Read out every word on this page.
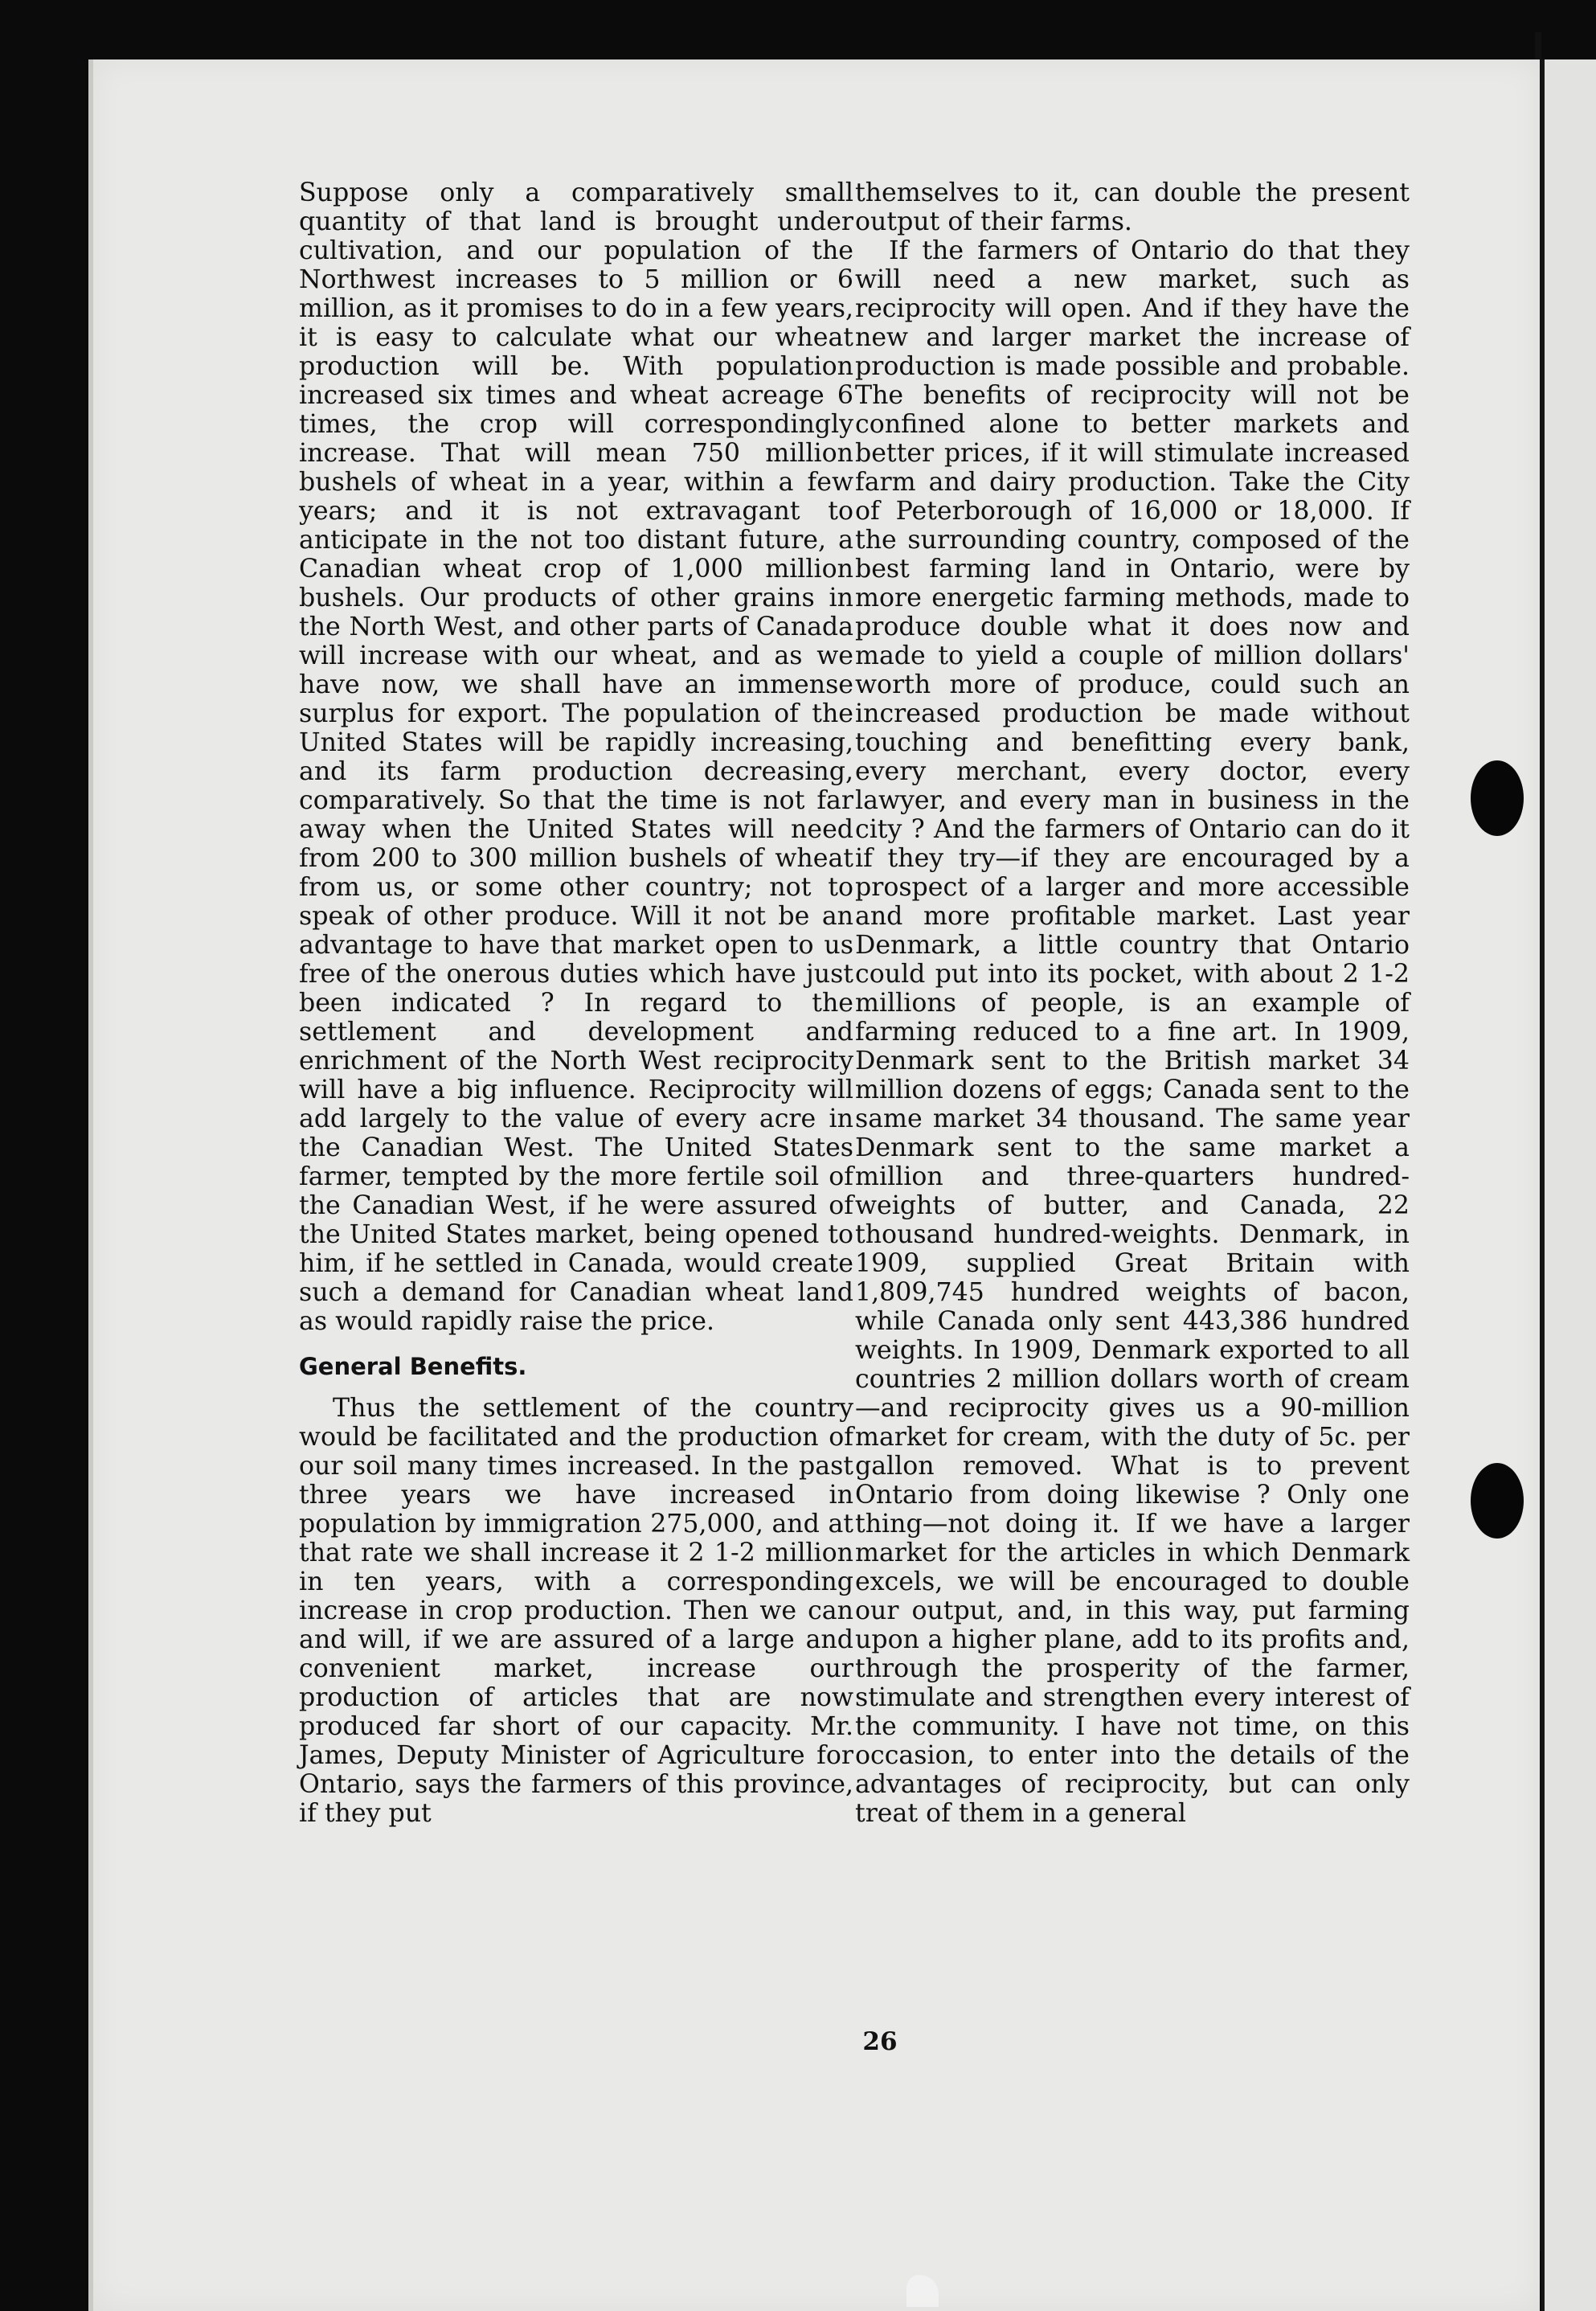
Suppose only a comparatively small quantity of that land is brought under cultivation, and our population of the Northwest increases to 5 million or 6 million, as it promises to do in a few years, it is easy to calculate what our wheat production will be. With population increased six times and wheat acreage 6 times, the crop will correspondingly increase. That will mean 750 million bushels of wheat in a year, within a few years; and it is not extravagant to anticipate in the not too distant future, a Canadian wheat crop of 1,000 million bushels. Our products of other grains in the North West, and other parts of Canada will increase with our wheat, and as we have now, we shall have an immense surplus for export. The population of the United States will be rapidly increasing, and its farm production decreasing, comparatively. So that the time is not far away when the United States will need from 200 to 300 million bushels of wheat from us, or some other country; not to speak of other produce. Will it not be an advantage to have that market open to us free of the onerous duties which have just been indicated ? In regard to the settlement and development and enrichment of the North West reciprocity will have a big influence. Reciprocity will add largely to the value of every acre in the Canadian West. The United States farmer, tempted by the more fertile soil of the Canadian West, if he were assured of the United States market, being opened to him, if he settled in Canada, would create such a demand for Canadian wheat land as would rapidly raise the price.

General Benefits.

Thus the settlement of the country would be facilitated and the production of our soil many times increased. In the past three years we have increased in population by immigration 275,000, and at that rate we shall increase it 2 1-2 million in ten years, with a corresponding increase in crop production. Then we can and will, if we are assured of a large and convenient market, increase our production of articles that are now produced far short of our capacity. Mr. James, Deputy Minister of Agriculture for Ontario, says the farmers of this province, if they put

themselves to it, can double the present output of their farms.

If the farmers of Ontario do that they will need a new market, such as reciprocity will open. And if they have the new and larger market the increase of production is made possible and probable. The benefits of reciprocity will not be confined alone to better markets and better prices, if it will stimulate increased farm and dairy production. Take the City of Peterborough of 16,000 or 18,000. If the surrounding country, composed of the best farming land in Ontario, were by more energetic farming methods, made to produce double what it does now and made to yield a couple of million dollars' worth more of produce, could such an increased production be made without touching and benefitting every bank, every merchant, every doctor, every lawyer, and every man in business in the city ? And the farmers of Ontario can do it if they try—if they are encouraged by a prospect of a larger and more accessible and more profitable market. Last year Denmark, a little country that Ontario could put into its pocket, with about 2 1-2 millions of people, is an example of farming reduced to a fine art. In 1909, Denmark sent to the British market 34 million dozens of eggs; Canada sent to the same market 34 thousand. The same year Denmark sent to the same market a million and three-quarters hundred-weights of butter, and Canada, 22 thousand hundred-weights. Denmark, in 1909, supplied Great Britain with 1,809,745 hundred weights of bacon, while Canada only sent 443,386 hundred weights. In 1909, Denmark exported to all countries 2 million dollars worth of cream—and reciprocity gives us a 90-million market for cream, with the duty of 5c. per gallon removed. What is to prevent Ontario from doing likewise ? Only one thing—not doing it. If we have a larger market for the articles in which Denmark excels, we will be encouraged to double our output, and, in this way, put farming upon a higher plane, add to its profits and, through the prosperity of the farmer, stimulate and strengthen every interest of the community. I have not time, on this occasion, to enter into the details of the advantages of reciprocity, but can only treat of them in a general

26
